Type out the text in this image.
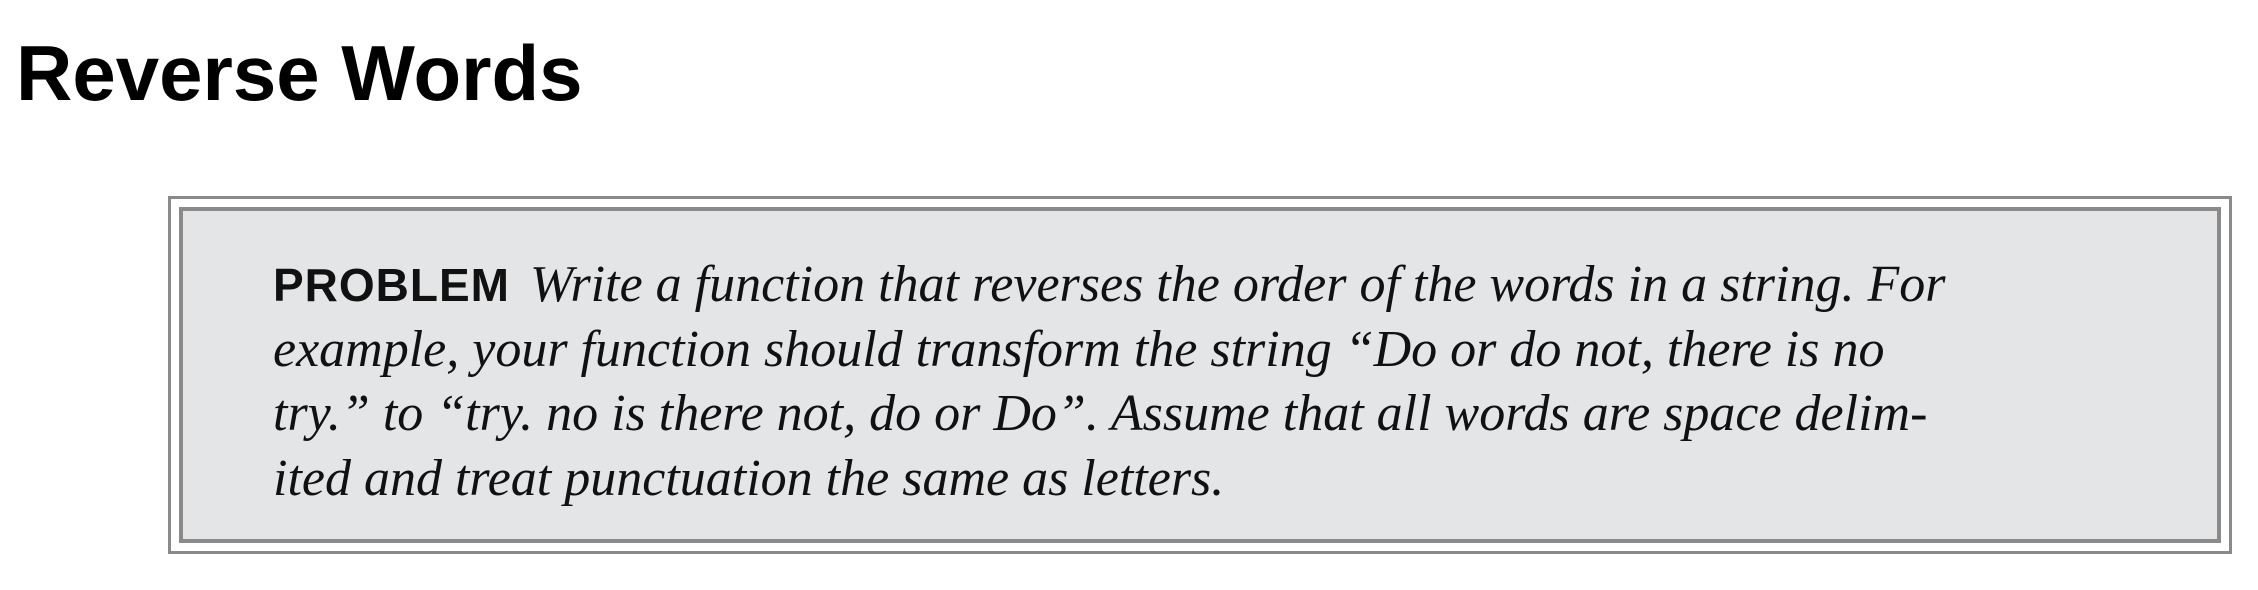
Reverse Words

PROBLEM Write a function that reverses the order of the words in a string. For
example, your function should transform the string “Do or do not, there is no
try.” to “try. no is there not, do or Do”. Assume that all words are space delim-
ited and treat punctuation the same as letters.
